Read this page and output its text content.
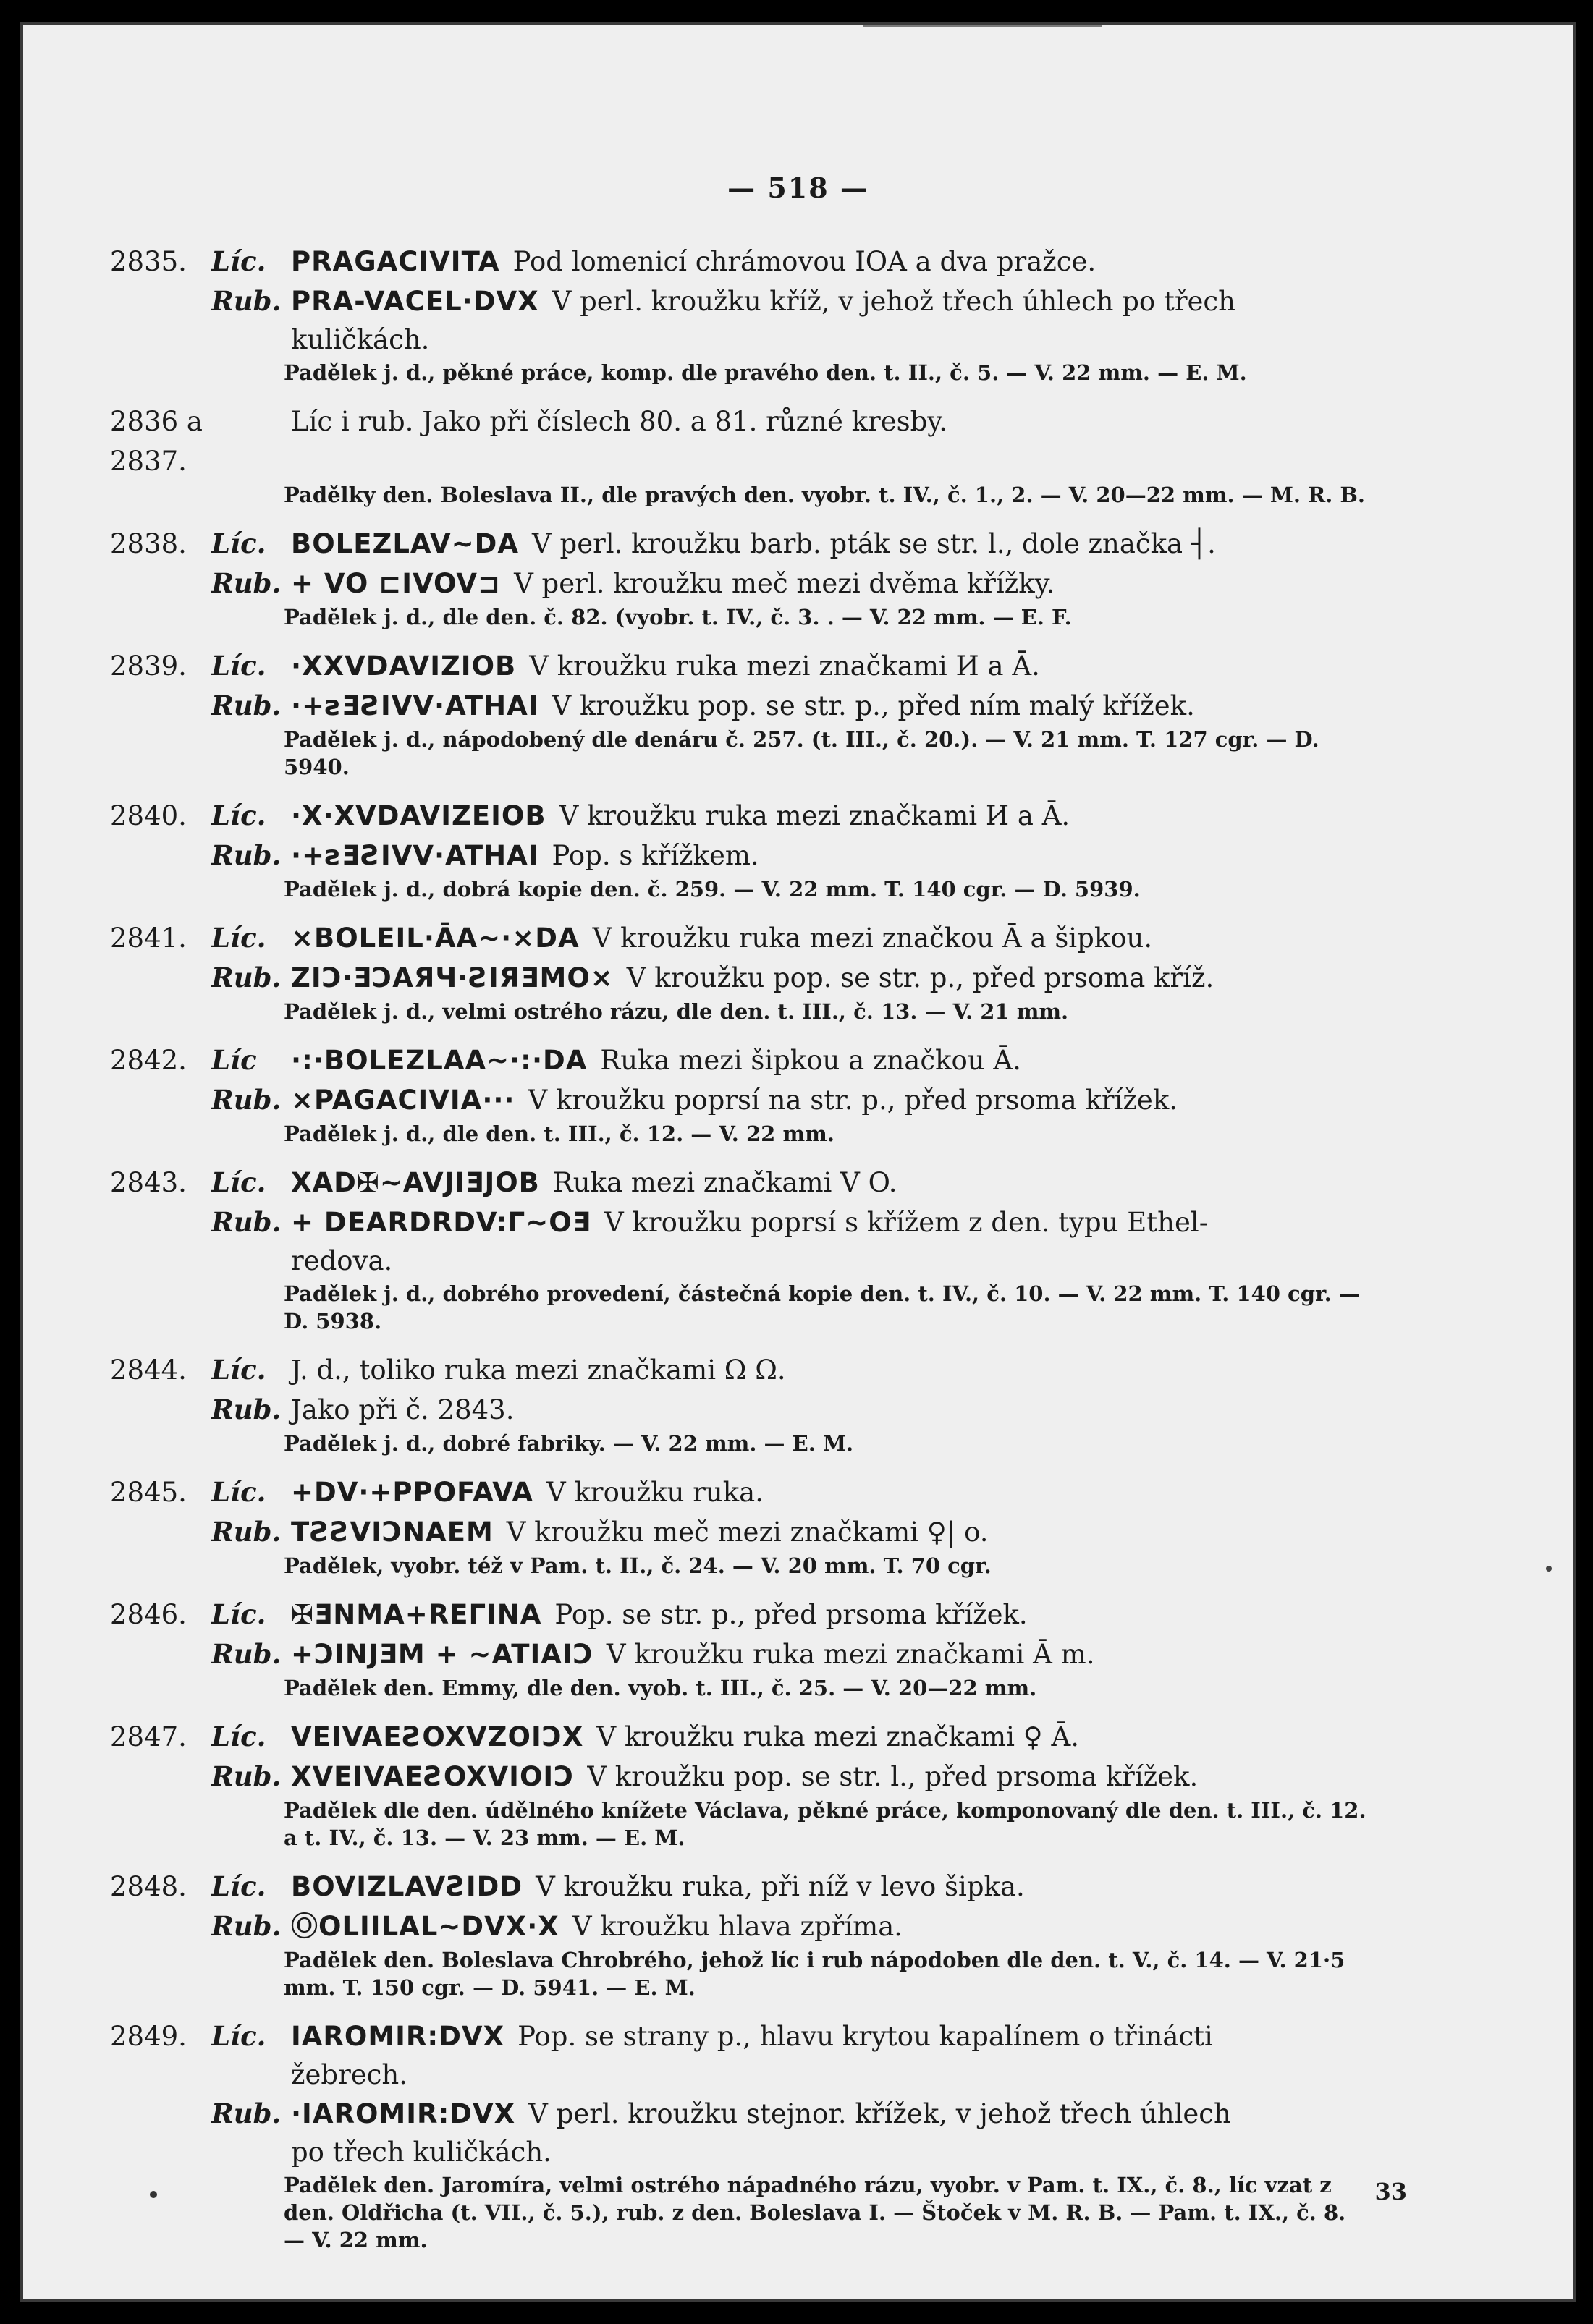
— 518 —
2835. Líc. PRAGACIVITA Pod lomenicí chrámovou IOA a dva pražce.
Rub. PRA-VACEL·DVX V perl. kroužku kříž, v jehož třech úhlech po třech
kuličkách.
Padělek j. d., pěkné práce, komp. dle pravého den. t. II., č. 5. — V. 22 mm. — E. M.
2836 a 2837.
Líc i rub. Jako při číslech 80. a 81. různé kresby.
Padělky den. Boleslava II., dle pravých den. vyobr. t. IV., č. 1., 2. — V. 20—22 mm. — M. R. B.
2838. Líc. BOLEZLAV~DA V perl. kroužku barb. pták se str. l., dole značka ┤.
Rub. + VO ⊏IVOV⊐ V perl. kroužku meč mezi dvěma křížky.
Padělek j. d., dle den. č. 82. (vyobr. t. IV., č. 3. . — V. 22 mm. — E. F.
2839. Líc. ·XXVDAVIZIOB V kroužku ruka mezi značkami И a Ā.
Rub. ·+ƨƎƧIVV·ATHAI V kroužku pop. se str. p., před ním malý křížek.
Padělek j. d., nápodobený dle denáru č. 257. (t. III., č. 20.). — V. 21 mm. T. 127 cgr. — D. 5940.
2840. Líc. ·X·XVDAVIZEIOB V kroužku ruka mezi značkami И a Ā.
Rub. ·+ƨƎƧIVV·ATHAI Pop. s křížkem.
Padělek j. d., dobrá kopie den. č. 259. — V. 22 mm. T. 140 cgr. — D. 5939.
2841. Líc. ×BOLEIL·ĀA~·×DA V kroužku ruka mezi značkou Ā a šipkou.
Rub. ZIƆ·ƎƆAЯЧ·ƧIЯƎMO× V kroužku pop. se str. p., před prsoma kříž.
Padělek j. d., velmi ostrého rázu, dle den. t. III., č. 13. — V. 21 mm.
2842. Líc	·:·BOLEZLAA~·:·DA Ruka mezi šipkou a značkou Ā.
Rub. ×PAGACIVIA··· V kroužku poprsí na str. p., před prsoma křížek.
Padělek j. d., dle den. t. III., č. 12. — V. 22 mm.
2843. Líc. XAD✠~AVJIƎJOB Ruka mezi značkami V O.
Rub. + DEARDRDV:Γ~OƎ V kroužku poprsí s křížem z den. typu Ethel-
redova.
Padělek j. d., dobrého provedení, částečná kopie den. t. IV., č. 10. — V. 22 mm. T. 140 cgr. — D. 5938.
2844. Líc. J. d., toliko ruka mezi značkami Ω Ω.
Rub. Jako při č. 2843.
Padělek j. d., dobré fabriky. — V. 22 mm. — E. M.
2845. Líc. +DV·+PPOFAVA V kroužku ruka.
Rub. TƧƧVIƆNAEM V kroužku meč mezi značkami ♀| o.
Padělek, vyobr. též v Pam. t. II., č. 24. — V. 20 mm. T. 70 cgr.
2846. Líc. ✠ƎNMA+REΓINA Pop. se str. p., před prsoma křížek.
Rub. +ƆINJƎM + ~ATIAIƆ V kroužku ruka mezi značkami Ā m.
Padělek den. Emmy, dle den. vyob. t. III., č. 25. — V. 20—22 mm.
2847. Líc. VEIVAEƧOXVZOIƆX V kroužku ruka mezi značkami ♀ Ā.
Rub. XVEIVAEƧOXVIOIƆ V kroužku pop. se str. l., před prsoma křížek.
Padělek dle den. údělného knížete Václava, pěkné práce, komponovaný dle den. t. III., č. 12. a t. IV., č. 13. — V. 23 mm. — E. M.
2848. Líc. BOVIZLAVƧIDD V kroužku ruka, při níž v levo šipka.
Rub. ⓄOLIILAL~DVX·X V kroužku hlava zpříma.
Padělek den. Boleslava Chrobrého, jehož líc i rub nápodoben dle den. t. V., č. 14. — V. 21·5 mm. T. 150 cgr. — D. 5941. — E. M.
2849. Líc. IAROMIR:DVX Pop. se strany p., hlavu krytou kapalínem o třinácti
žebrech.
Rub. ·IAROMIR:DVX V perl. kroužku stejnor. křížek, v jehož třech úhlech
po třech kuličkách.
Padělek den. Jaromíra, velmi ostrého nápadného rázu, vyobr. v Pam. t. IX., č. 8., líc vzat z den. Oldřicha (t. VII., č. 5.), rub. z den. Boleslava I. — Štoček v M. R. B. — Pam. t. IX., č. 8. — V. 22 mm.
33
